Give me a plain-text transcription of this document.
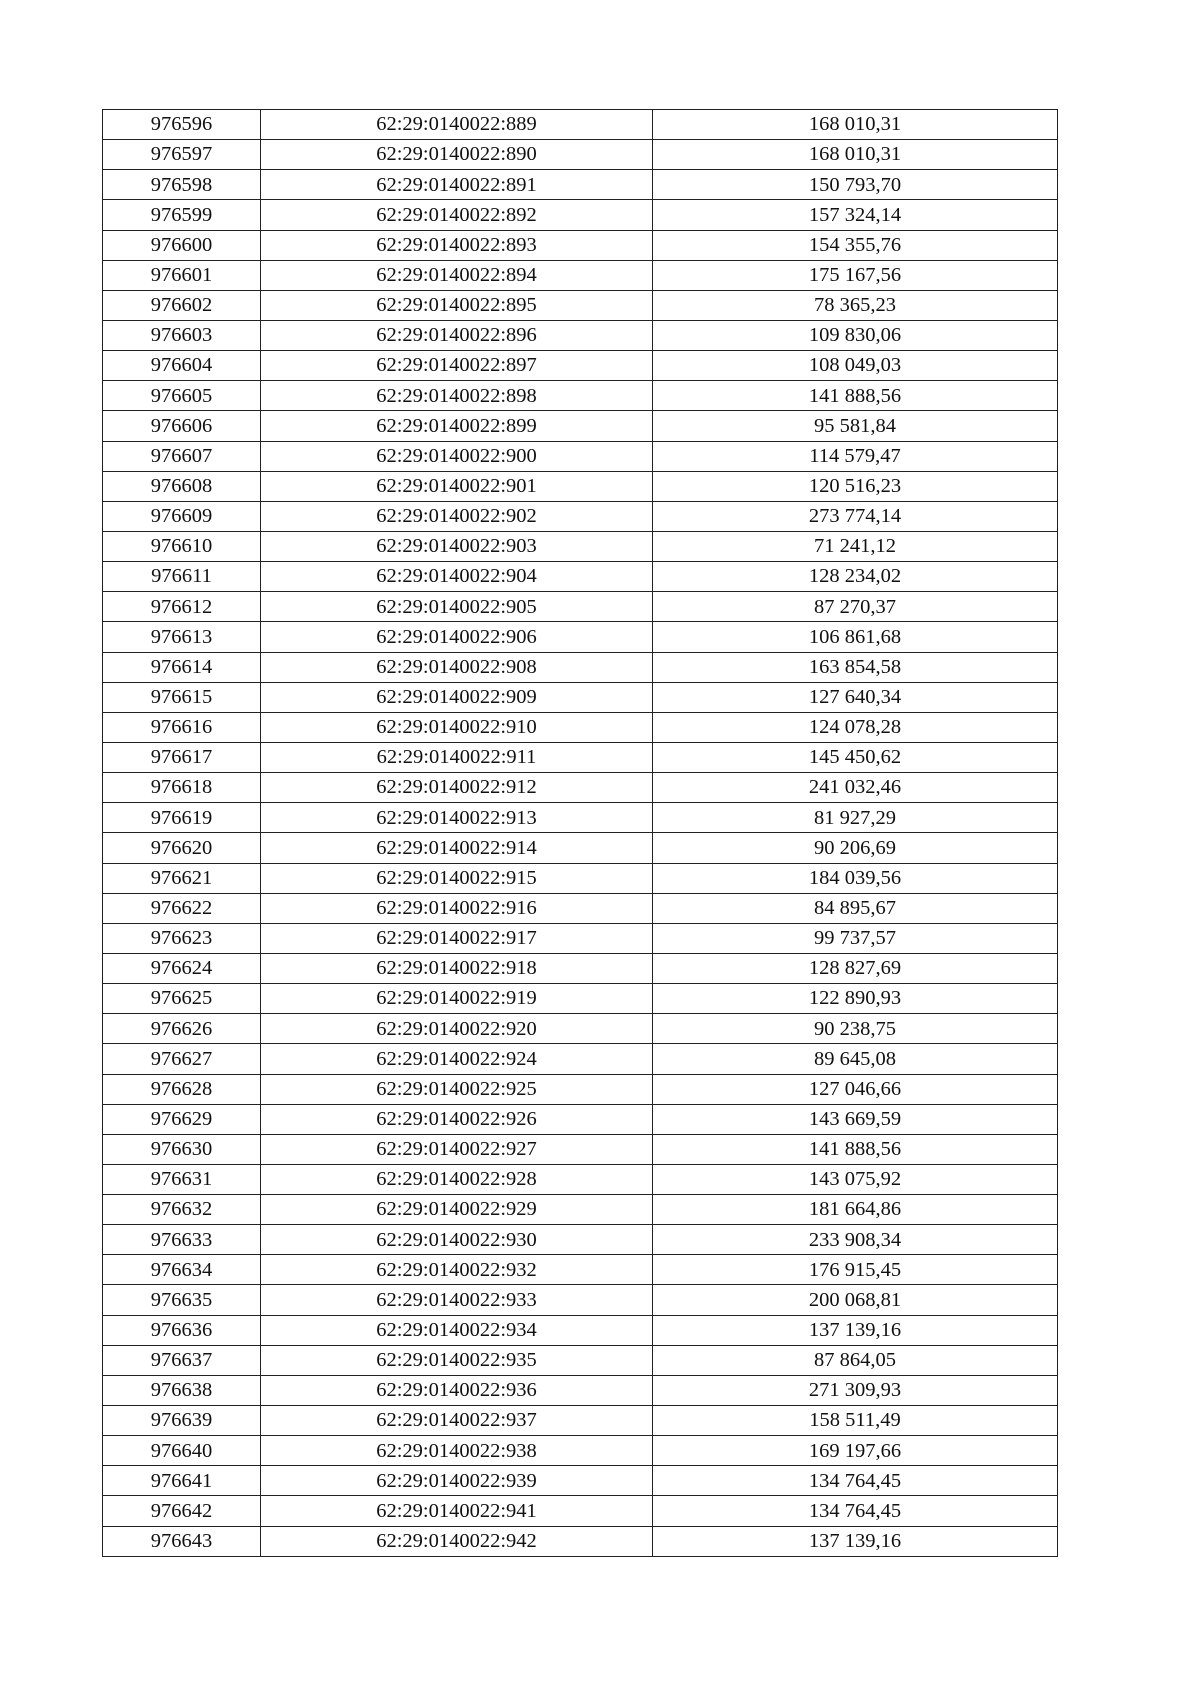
976596	62:29:0140022:889	168 010,31
976597	62:29:0140022:890	168 010,31
976598	62:29:0140022:891	150 793,70
976599	62:29:0140022:892	157 324,14
976600	62:29:0140022:893	154 355,76
976601	62:29:0140022:894	175 167,56
976602	62:29:0140022:895	78 365,23
976603	62:29:0140022:896	109 830,06
976604	62:29:0140022:897	108 049,03
976605	62:29:0140022:898	141 888,56
976606	62:29:0140022:899	95 581,84
976607	62:29:0140022:900	114 579,47
976608	62:29:0140022:901	120 516,23
976609	62:29:0140022:902	273 774,14
976610	62:29:0140022:903	71 241,12
976611	62:29:0140022:904	128 234,02
976612	62:29:0140022:905	87 270,37
976613	62:29:0140022:906	106 861,68
976614	62:29:0140022:908	163 854,58
976615	62:29:0140022:909	127 640,34
976616	62:29:0140022:910	124 078,28
976617	62:29:0140022:911	145 450,62
976618	62:29:0140022:912	241 032,46
976619	62:29:0140022:913	81 927,29
976620	62:29:0140022:914	90 206,69
976621	62:29:0140022:915	184 039,56
976622	62:29:0140022:916	84 895,67
976623	62:29:0140022:917	99 737,57
976624	62:29:0140022:918	128 827,69
976625	62:29:0140022:919	122 890,93
976626	62:29:0140022:920	90 238,75
976627	62:29:0140022:924	89 645,08
976628	62:29:0140022:925	127 046,66
976629	62:29:0140022:926	143 669,59
976630	62:29:0140022:927	141 888,56
976631	62:29:0140022:928	143 075,92
976632	62:29:0140022:929	181 664,86
976633	62:29:0140022:930	233 908,34
976634	62:29:0140022:932	176 915,45
976635	62:29:0140022:933	200 068,81
976636	62:29:0140022:934	137 139,16
976637	62:29:0140022:935	87 864,05
976638	62:29:0140022:936	271 309,93
976639	62:29:0140022:937	158 511,49
976640	62:29:0140022:938	169 197,66
976641	62:29:0140022:939	134 764,45
976642	62:29:0140022:941	134 764,45
976643	62:29:0140022:942	137 139,16
